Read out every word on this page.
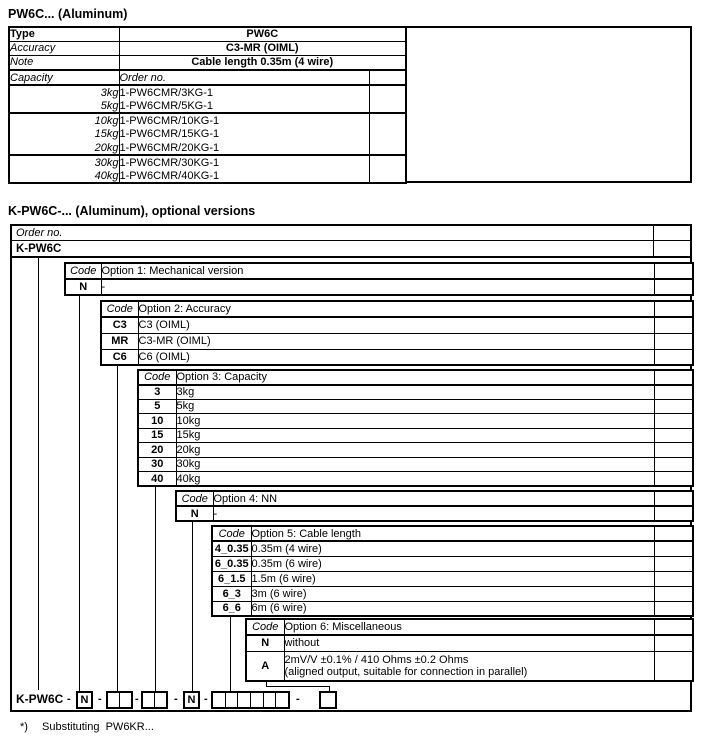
PW6C... (Aluminum)
Type	PW6C	
Accuracy	C3-MR (OIML)	
Note	Cable length 0.35m (4 wire)	
Capacity	Order no.	
3kg	1-PW6CMR/3KG-1	
5kg	1-PW6CMR/5KG-1	
10kg	1-PW6CMR/10KG-1	
15kg	1-PW6CMR/15KG-1	
20kg	1-PW6CMR/20KG-1	
30kg	1-PW6CMR/30KG-1	
40kg	1-PW6CMR/40KG-1	
K-PW6C-... (Aluminum), optional versions
Order no.
K-PW6C
Code	Option 1: Mechanical version	
N	-	
Code	Option 2: Accuracy	
C3	C3 (OIML)	
MR	C3-MR (OIML)	
C6	C6 (OIML)	
Code	Option 3: Capacity	
3	3kg	
5	5kg	
10	10kg	
15	15kg	
20	20kg	
30	30kg	
40	40kg	
Code	Option 4: NN	
N	-	
Code	Option 5: Cable length	
4_0.35	0.35m (4 wire)	
6_0.35	0.35m (6 wire)	
6_1.5	1.5m (6 wire)	
6_3	3m (6 wire)	
6_6	6m (6 wire)	
Code	Option 6: Miscellaneous	
N	without	
A	2mV/V ±0.1% / 410 Ohms ±0.2 Ohms
(aligned output, suitable for connection in parallel)	

K-PW6C - N -	-	- N -	-
*) Substituting  PW6KR...
